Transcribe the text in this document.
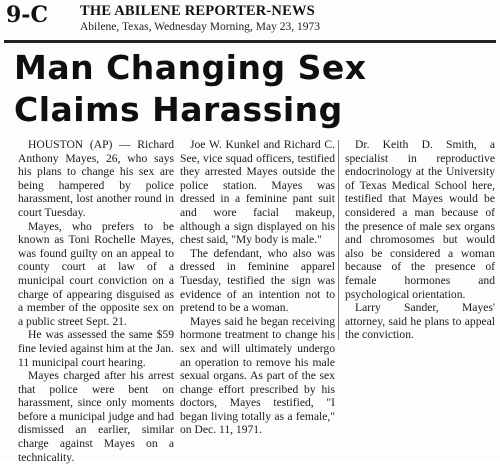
9-C THE ABILENE REPORTER-NEWS
Abilene, Texas, Wednesday Morning, May 23, 1973
Man Changing Sex
Claims Harassing

HOUSTON (AP) — Richard Anthony Mayes, 26, who says his plans to change his sex are being hampered by police harassment, lost another round in court Tuesday.

Mayes, who prefers to be known as Toni Rochelle Mayes, was found guilty on an appeal to county court at law of a municipal court conviction on a charge of appearing disguised as a member of the opposite sex on a public street Sept. 21.

He was assessed the same $59 fine levied against him at the Jan. 11 municipal court hearing.

Mayes charged after his arrest that police were bent on harassment, since only moments before a municipal judge and had dismissed an earlier, similar charge against Mayes on a technicality.

Joe W. Kunkel and Richard C. See, vice squad officers, testified they arrested Mayes outside the police station. Mayes was dressed in a feminine pant suit and wore facial makeup, although a sign displayed on his chest said, "My body is male."

The defendant, who also was dressed in feminine apparel Tuesday, testified the sign was evidence of an intention not to pretend to be a woman.

Mayes said he began receiving hormone treatment to change his sex and will ultimately undergo an operation to remove his male sexual organs. As part of the sex change effort prescribed by his doctors, Mayes testified, "I began living totally as a female," on Dec. 11, 1971.

Dr. Keith D. Smith, a specialist in reproductive endocrinology at the University of Texas Medical School here, testified that Mayes would be considered a man because of the presence of male sex organs and chromosomes but would also be considered a woman because of the presence of female hormones and psychological orientation.

Larry Sander, Mayes' attorney, said he plans to appeal the conviction.
